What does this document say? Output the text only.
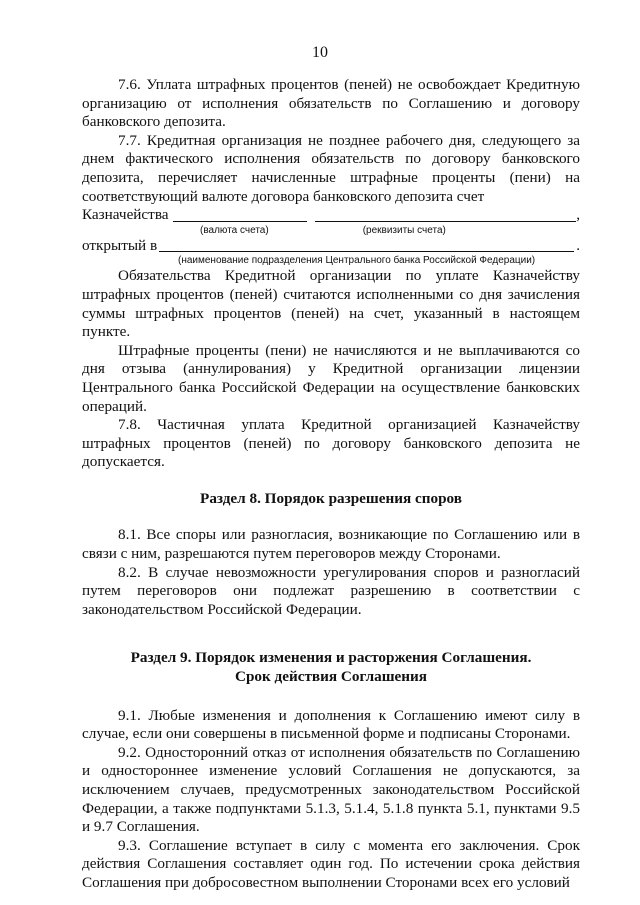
10

7.6. Уплата штрафных процентов (пеней) не освобождает Кредитную организацию от исполнения обязательств по Соглашению и договору банковского депозита.

7.7. Кредитная организация не позднее рабочего дня, следующего за днем фактического исполнения обязательств по договору банковского депозита, перечисляет начисленные штрафные проценты (пени) на соответствующий валюте договора банковского депозита счет

Казначейства	,
(валюта счета)	(реквизиты счета)
открытый в	.
(наименование подразделения Центрального банка Российской Федерации)

Обязательства Кредитной организации по уплате Казначейству штрафных процентов (пеней) считаются исполненными со дня зачисления суммы штрафных процентов (пеней) на счет, указанный в настоящем пункте.

Штрафные проценты (пени) не начисляются и не выплачиваются со дня отзыва (аннулирования) у Кредитной организации лицензии Центрального банка Российской Федерации на осуществление банковских операций.

7.8. Частичная уплата Кредитной организацией Казначейству штрафных процентов (пеней) по договору банковского депозита не допускается.

Раздел 8. Порядок разрешения споров

8.1. Все споры или разногласия, возникающие по Соглашению или в связи с ним, разрешаются путем переговоров между Сторонами.

8.2. В случае невозможности урегулирования споров и разногласий путем переговоров они подлежат разрешению в соответствии с законодательством Российской Федерации.

Раздел 9. Порядок изменения и расторжения Соглашения.
Срок действия Соглашения

9.1. Любые изменения и дополнения к Соглашению имеют силу в случае, если они совершены в письменной форме и подписаны Сторонами.

9.2. Односторонний отказ от исполнения обязательств по Соглашению и одностороннее изменение условий Соглашения не допускаются, за исключением случаев, предусмотренных законодательством Российской Федерации, а также подпунктами 5.1.3, 5.1.4, 5.1.8 пункта 5.1, пунктами 9.5 и 9.7 Соглашения.

9.3. Соглашение вступает в силу с момента его заключения. Срок действия Соглашения составляет один год. По истечении срока действия Соглашения при добросовестном выполнении Сторонами всех его условий
